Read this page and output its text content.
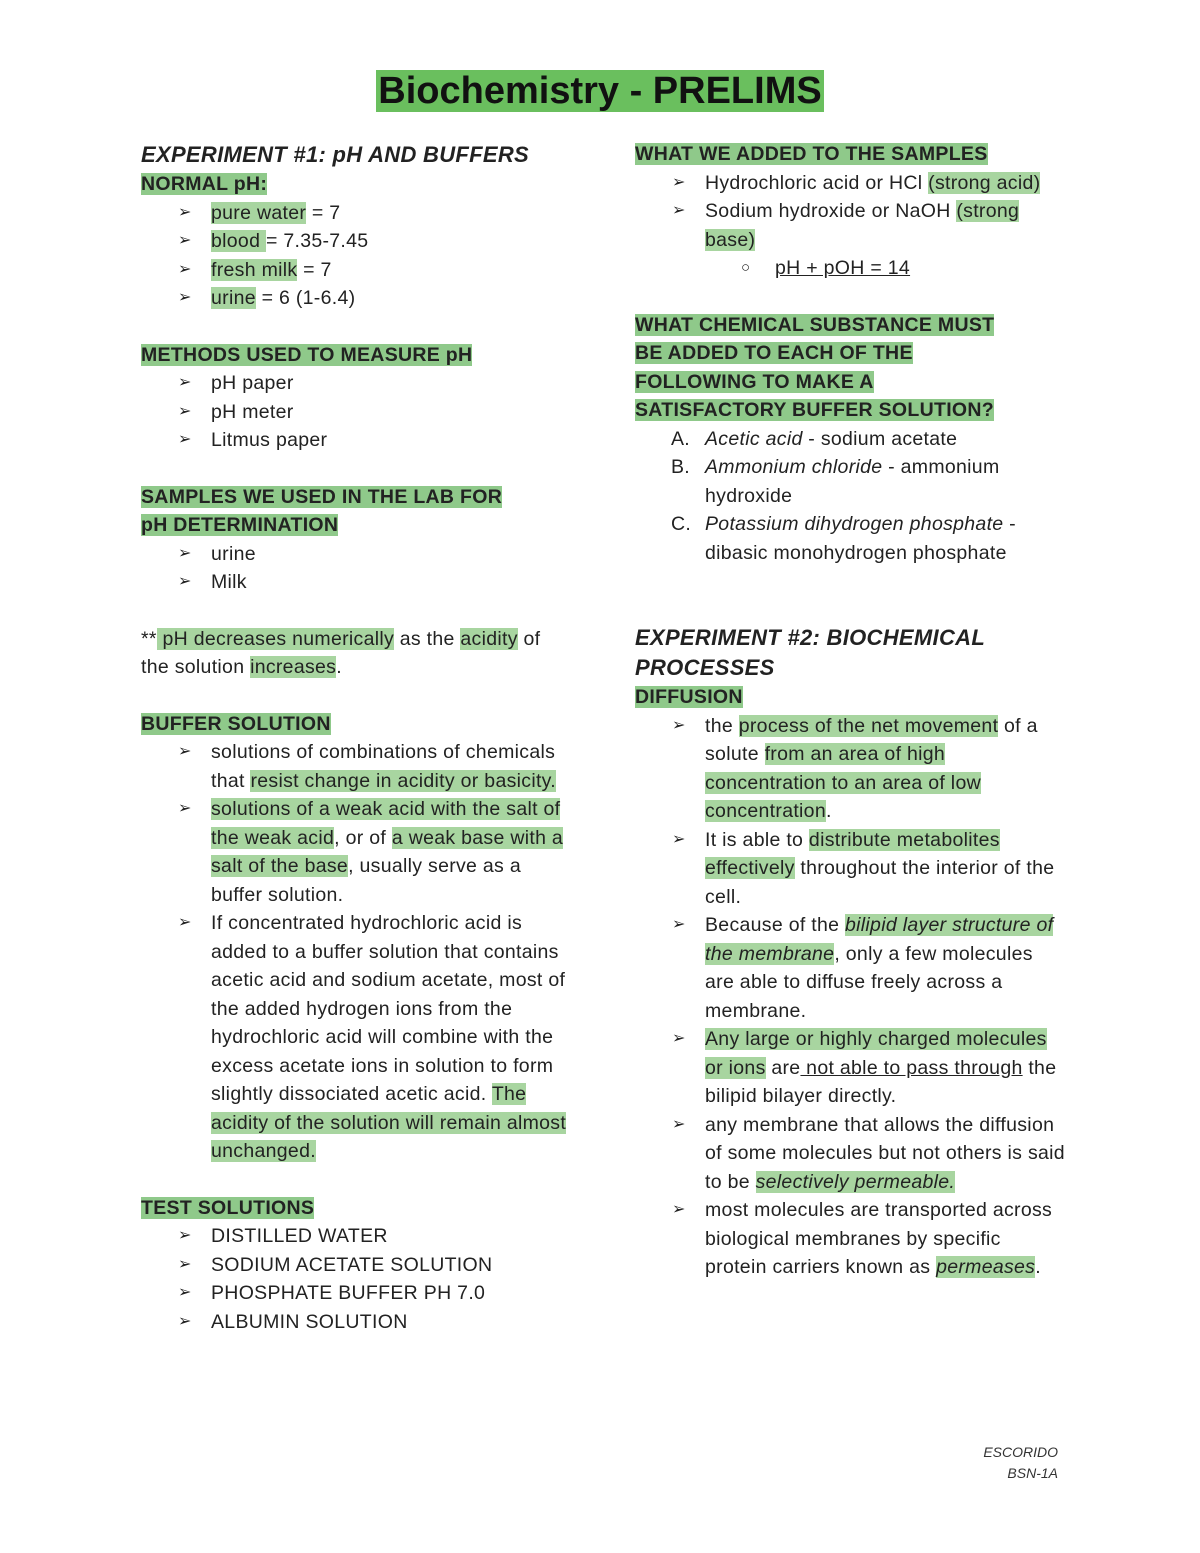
Biochemistry - PRELIMS

EXPERIMENT #1: pH AND BUFFERS

NORMAL pH:

➢ pure water = 7
➢ blood = 7.35-7.45
➢ fresh milk = 7
➢ urine = 6 (1-6.4)

METHODS USED TO MEASURE pH

➢ pH paper
➢ pH meter
➢ Litmus paper

SAMPLES WE USED IN THE LAB FOR
pH DETERMINATION

➢ urine
➢ Milk

** pH decreases numerically as the acidity of the solution increases.

BUFFER SOLUTION

➢ solutions of combinations of chemicals that resist change in acidity or basicity.
➢ solutions of a weak acid with the salt of the weak acid, or of a weak base with a salt of the base, usually serve as a buffer solution.
➢ If concentrated hydrochloric acid is added to a buffer solution that contains acetic acid and sodium acetate, most of the added hydrogen ions from the hydrochloric acid will combine with the excess acetate ions in solution to form slightly dissociated acetic acid. The acidity of the solution will remain almost unchanged.

TEST SOLUTIONS

➢ DISTILLED WATER
➢ SODIUM ACETATE SOLUTION
➢ PHOSPHATE BUFFER PH 7.0
➢ ALBUMIN SOLUTION

WHAT WE ADDED TO THE SAMPLES

➢ Hydrochloric acid or HCl (strong acid)
➢ Sodium hydroxide or NaOH (strong base)
○ pH + pOH = 14

WHAT CHEMICAL SUBSTANCE MUST
BE ADDED TO EACH OF THE
FOLLOWING TO MAKE A
SATISFACTORY BUFFER SOLUTION?

A. Acetic acid - sodium acetate
B. Ammonium chloride - ammonium hydroxide
C. Potassium dihydrogen phosphate - dibasic monohydrogen phosphate

EXPERIMENT #2: BIOCHEMICAL PROCESSES

DIFFUSION

➢ the process of the net movement of a solute from an area of high concentration to an area of low concentration.
➢ It is able to distribute metabolites effectively throughout the interior of the cell.
➢ Because of the bilipid layer structure of the membrane, only a few molecules are able to diffuse freely across a membrane.
➢ Any large or highly charged molecules or ions are not able to pass through the bilipid bilayer directly.
➢ any membrane that allows the diffusion of some molecules but not others is said to be selectively permeable.
➢ most molecules are transported across biological membranes by specific protein carriers known as permeases.
ESCORIDO
BSN-1A
